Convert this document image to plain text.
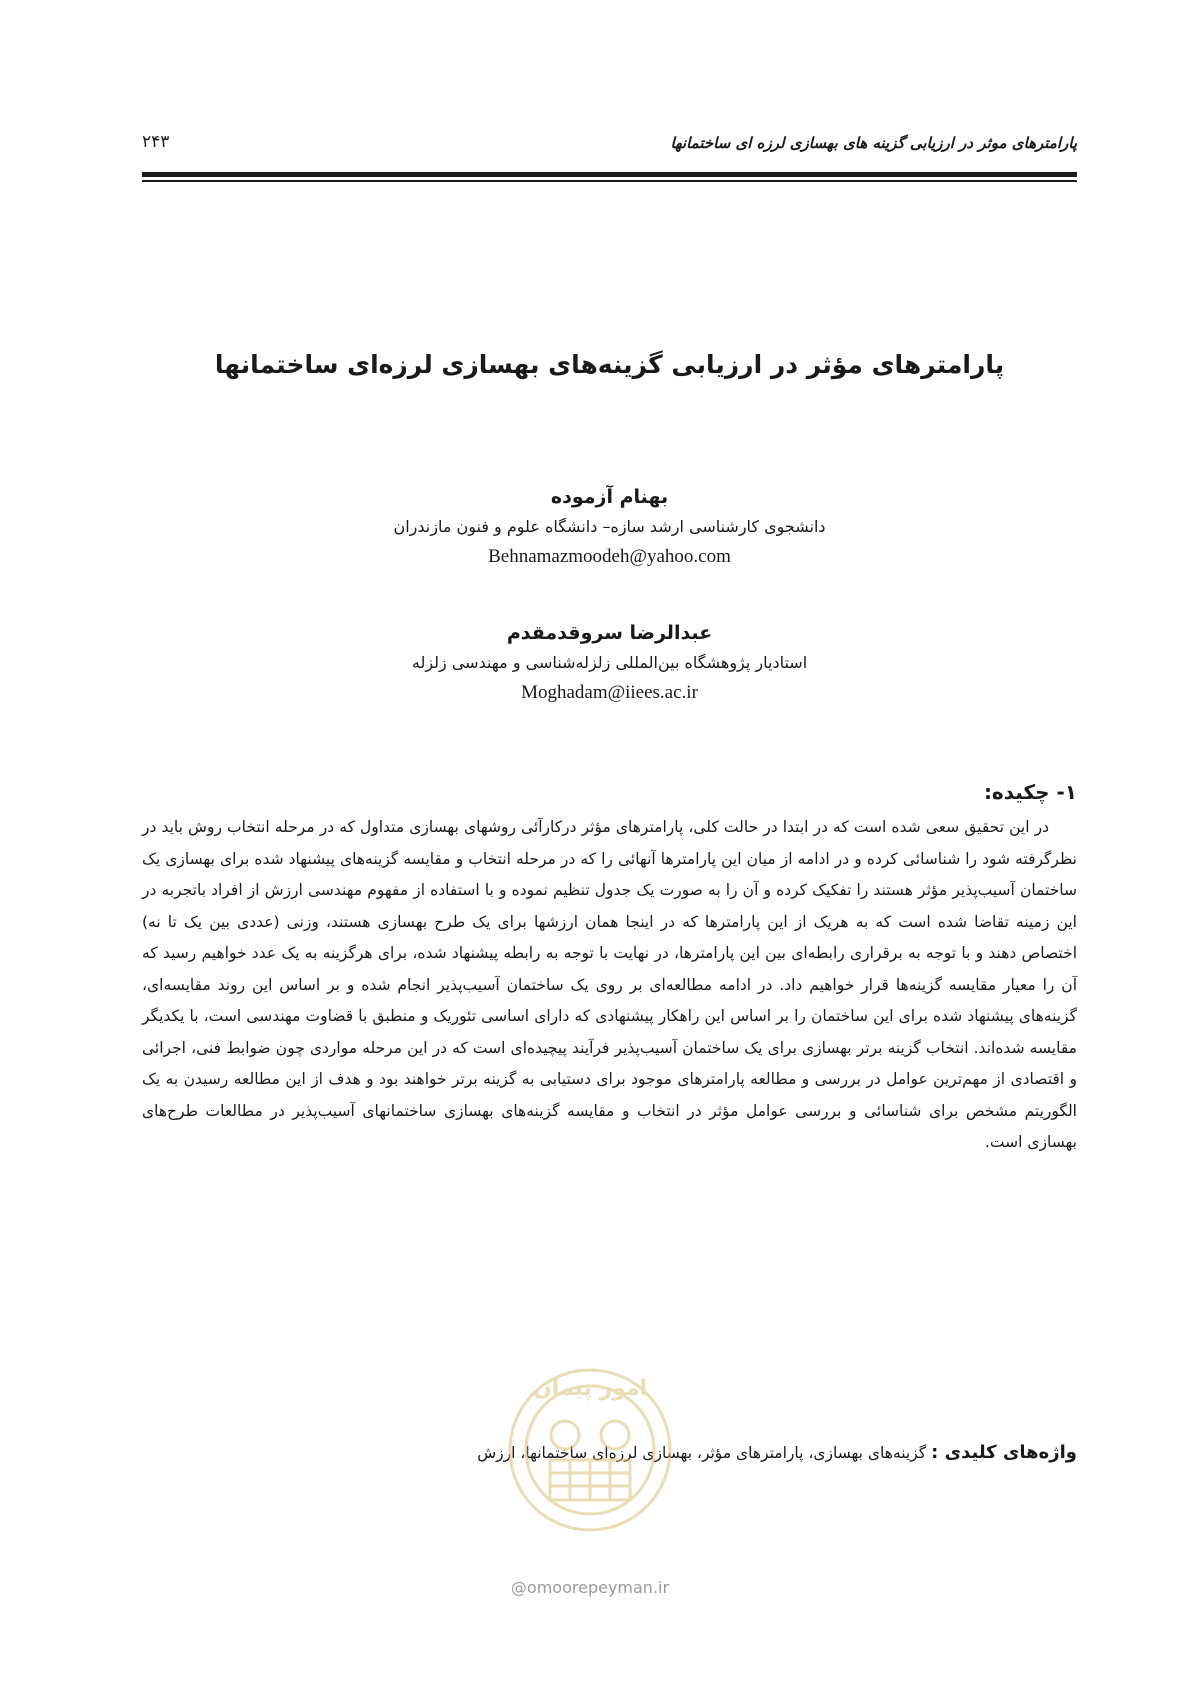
پارامترهای موثر در ارزیابی گزینه های بهسازی لرزه ای ساختمانها
۲۴۳
پارامترهای مؤثر در ارزیابی گزینه‌های بهسازی لرزه‌ای ساختمانها
بهنام آزموده
دانشجوی کارشناسی ارشد سازه– دانشگاه علوم و فنون مازندران
Behnamazmoodeh@yahoo.com
عبدالرضا سروقدمقدم
استادیار پژوهشگاه بین‌المللی زلزله‌شناسی و مهندسی زلزله
Moghadam@iiees.ac.ir
۱- چکیده:

در این تحقیق سعی شده است که در ابتدا در حالت کلی، پارامترهای مؤثر درکارآئی روشهای بهسازی متداول که در مرحله انتخاب روش باید در نظرگرفته شود را شناسائی کرده و در ادامه از میان این پارامترها آنهائی را که در مرحله انتخاب و مقایسه گزینه‌های پیشنهاد شده برای بهسازی یک ساختمان آسیب‌پذیر مؤثر هستند را تفکیک کرده و آن را به صورت یک جدول تنظیم نموده و با استفاده از مفهوم مهندسی ارزش از افراد باتجربه در این زمینه تقاضا شده است که به هریک از این پارامترها که در اینجا همان ارزشها برای یک طرح بهسازی هستند، وزنی (عددی بین یک تا نه) اختصاص دهند و با توجه به برقراری رابطه‌ای بین این پارامترها، در نهایت با توجه به رابطه پیشنهاد شده، برای هرگزینه به یک عدد خواهیم رسید که آن را معیار مقایسه گزینه‌ها قرار خواهیم داد. در ادامه مطالعه‌ای بر روی یک ساختمان آسیب‌پذیر انجام شده و بر اساس این روند مقایسه‌ای، گزینه‌های پیشنهاد شده برای این ساختمان را بر اساس این راهکار پیشنهادی که دارای اساسی تئوریک و منطبق با قضاوت مهندسی است، با یکدیگر مقایسه شده‌اند. انتخاب گزینه برتر بهسازی برای یک ساختمان آسیب‌پذیر فرآیند پیچیده‌ای است که در این مرحله مواردی چون ضوابط فنی، اجرائی و اقتصادی از مهم‌ترین عوامل در بررسی و مطالعه پارامترهای موجود برای دستیابی به گزینه برتر خواهند بود و هدف از این مطالعه رسیدن به یک الگوریتم مشخص برای شناسائی و بررسی عوامل مؤثر در انتخاب و مقایسه گزینه‌های بهسازی ساختمانهای آسیب‌پذیر در مطالعات طرح‌های بهسازی است.

واژه‌های کلیدی : گزینه‌های بهسازی، پارامترهای مؤثر، بهسازی لرزه‌ای ساختمانها، ارزش
امور پیمان
@omoorepeyman.ir
